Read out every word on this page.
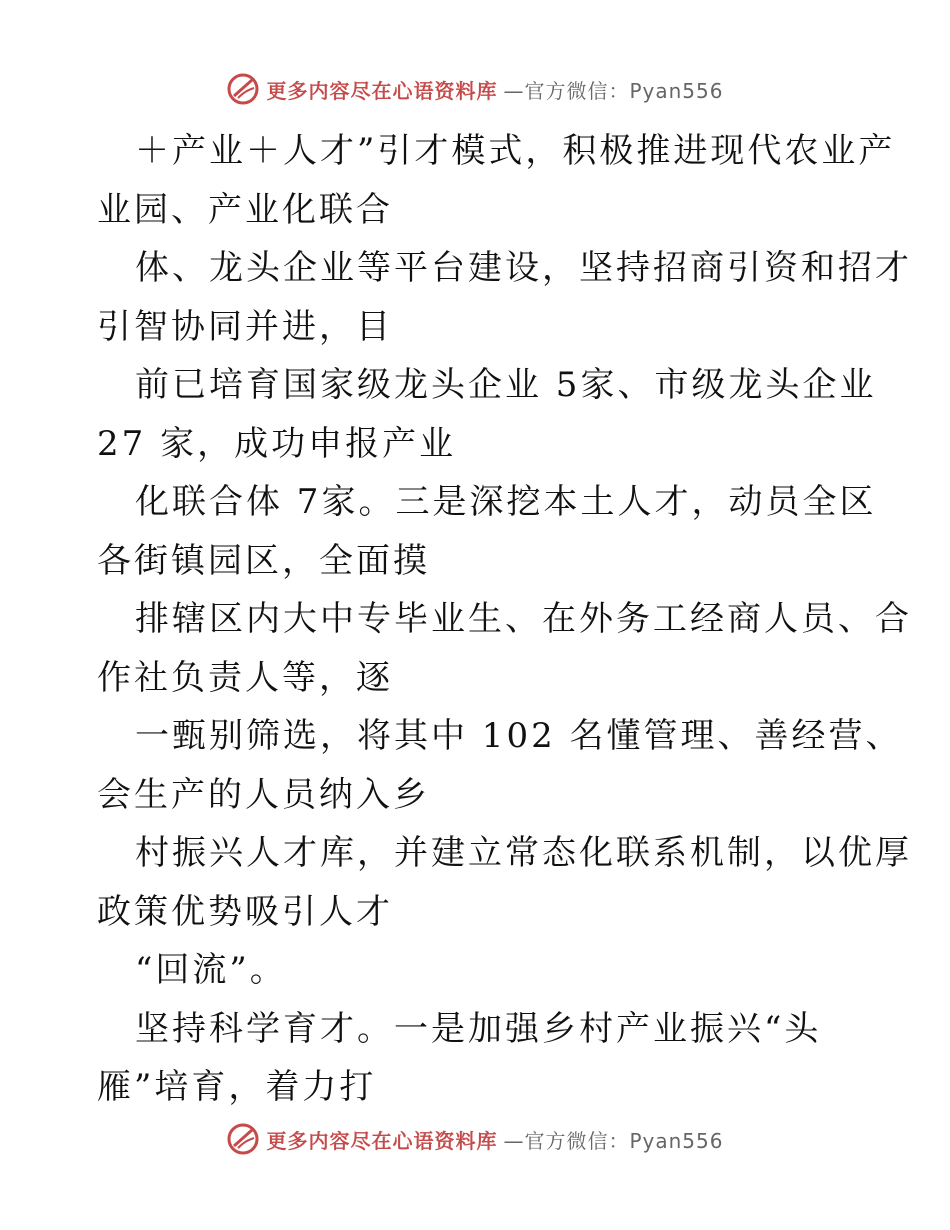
更多内容尽在心语资料库 —官方微信：Pyan556
＋产业＋人才”引才模式，积极推进现代农业产
业园、产业化联合
体、龙头企业等平台建设，坚持招商引资和招才
引智协同并进，目
前已培育国家级龙头企业 5家、市级龙头企业
27 家，成功申报产业
化联合体 7家。三是深挖本土人才，动员全区
各街镇园区，全面摸
排辖区内大中专毕业生、在外务工经商人员、合
作社负责人等，逐
一甄别筛选，将其中 102 名懂管理、善经营、
会生产的人员纳入乡
村振兴人才库，并建立常态化联系机制，以优厚
政策优势吸引人才
“回流”。
坚持科学育才。一是加强乡村产业振兴“头
雁”培育，着力打
更多内容尽在心语资料库 —官方微信：Pyan556
